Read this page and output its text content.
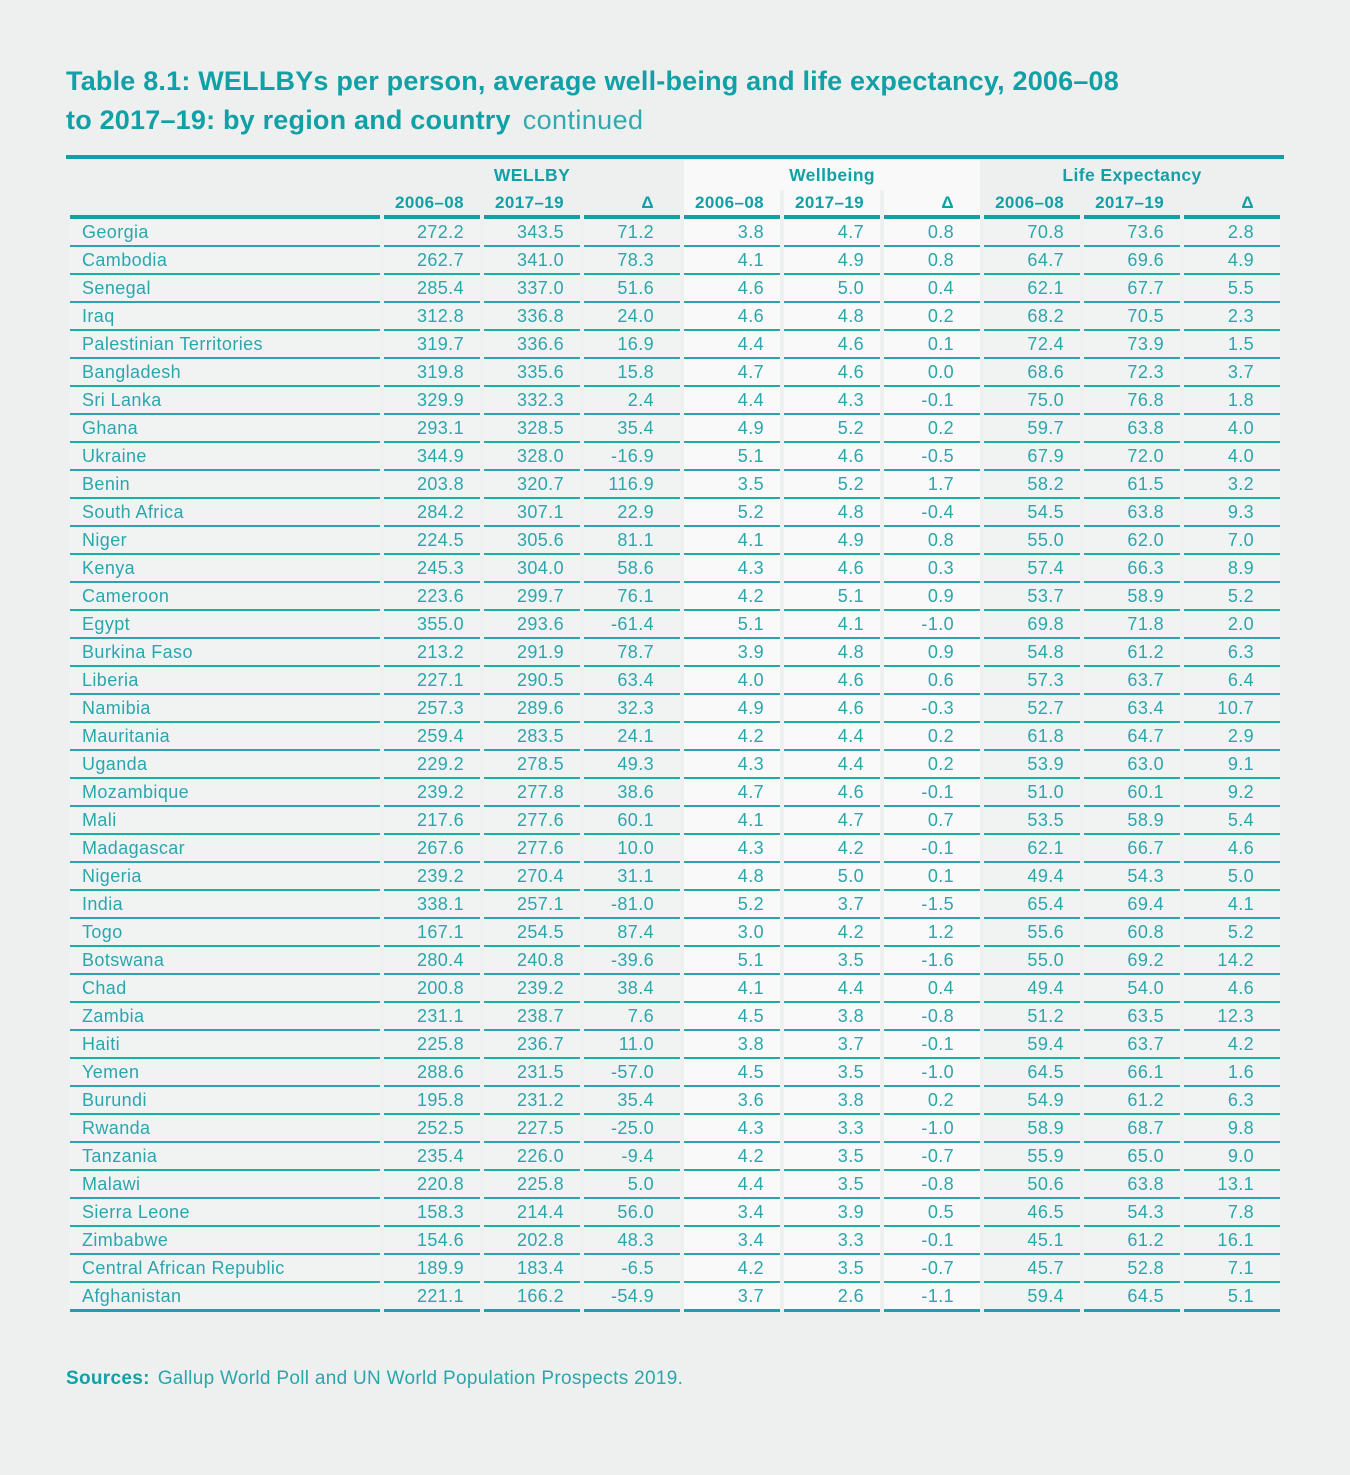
Table 8.1: WELLBYs per person, average well-being and life expectancy, 2006–08
to 2017–19: by region and country continued
	WELLBY			Wellbeing			Life Expectancy		
	2006–08	2017–19	Δ	2006–08	2017–19	Δ	2006–08	2017–19	Δ
Georgia	272.2	343.5	71.2	3.8	4.7	0.8	70.8	73.6	2.8
Cambodia	262.7	341.0	78.3	4.1	4.9	0.8	64.7	69.6	4.9
Senegal	285.4	337.0	51.6	4.6	5.0	0.4	62.1	67.7	5.5
Iraq	312.8	336.8	24.0	4.6	4.8	0.2	68.2	70.5	2.3
Palestinian Territories	319.7	336.6	16.9	4.4	4.6	0.1	72.4	73.9	1.5
Bangladesh	319.8	335.6	15.8	4.7	4.6	0.0	68.6	72.3	3.7
Sri Lanka	329.9	332.3	2.4	4.4	4.3	-0.1	75.0	76.8	1.8
Ghana	293.1	328.5	35.4	4.9	5.2	0.2	59.7	63.8	4.0
Ukraine	344.9	328.0	-16.9	5.1	4.6	-0.5	67.9	72.0	4.0
Benin	203.8	320.7	116.9	3.5	5.2	1.7	58.2	61.5	3.2
South Africa	284.2	307.1	22.9	5.2	4.8	-0.4	54.5	63.8	9.3
Niger	224.5	305.6	81.1	4.1	4.9	0.8	55.0	62.0	7.0
Kenya	245.3	304.0	58.6	4.3	4.6	0.3	57.4	66.3	8.9
Cameroon	223.6	299.7	76.1	4.2	5.1	0.9	53.7	58.9	5.2
Egypt	355.0	293.6	-61.4	5.1	4.1	-1.0	69.8	71.8	2.0
Burkina Faso	213.2	291.9	78.7	3.9	4.8	0.9	54.8	61.2	6.3
Liberia	227.1	290.5	63.4	4.0	4.6	0.6	57.3	63.7	6.4
Namibia	257.3	289.6	32.3	4.9	4.6	-0.3	52.7	63.4	10.7
Mauritania	259.4	283.5	24.1	4.2	4.4	0.2	61.8	64.7	2.9
Uganda	229.2	278.5	49.3	4.3	4.4	0.2	53.9	63.0	9.1
Mozambique	239.2	277.8	38.6	4.7	4.6	-0.1	51.0	60.1	9.2
Mali	217.6	277.6	60.1	4.1	4.7	0.7	53.5	58.9	5.4
Madagascar	267.6	277.6	10.0	4.3	4.2	-0.1	62.1	66.7	4.6
Nigeria	239.2	270.4	31.1	4.8	5.0	0.1	49.4	54.3	5.0
India	338.1	257.1	-81.0	5.2	3.7	-1.5	65.4	69.4	4.1
Togo	167.1	254.5	87.4	3.0	4.2	1.2	55.6	60.8	5.2
Botswana	280.4	240.8	-39.6	5.1	3.5	-1.6	55.0	69.2	14.2
Chad	200.8	239.2	38.4	4.1	4.4	0.4	49.4	54.0	4.6
Zambia	231.1	238.7	7.6	4.5	3.8	-0.8	51.2	63.5	12.3
Haiti	225.8	236.7	11.0	3.8	3.7	-0.1	59.4	63.7	4.2
Yemen	288.6	231.5	-57.0	4.5	3.5	-1.0	64.5	66.1	1.6
Burundi	195.8	231.2	35.4	3.6	3.8	0.2	54.9	61.2	6.3
Rwanda	252.5	227.5	-25.0	4.3	3.3	-1.0	58.9	68.7	9.8
Tanzania	235.4	226.0	-9.4	4.2	3.5	-0.7	55.9	65.0	9.0
Malawi	220.8	225.8	5.0	4.4	3.5	-0.8	50.6	63.8	13.1
Sierra Leone	158.3	214.4	56.0	3.4	3.9	0.5	46.5	54.3	7.8
Zimbabwe	154.6	202.8	48.3	3.4	3.3	-0.1	45.1	61.2	16.1
Central African Republic	189.9	183.4	-6.5	4.2	3.5	-0.7	45.7	52.8	7.1
Afghanistan	221.1	166.2	-54.9	3.7	2.6	-1.1	59.4	64.5	5.1
Sources: Gallup World Poll and UN World Population Prospects 2019.
